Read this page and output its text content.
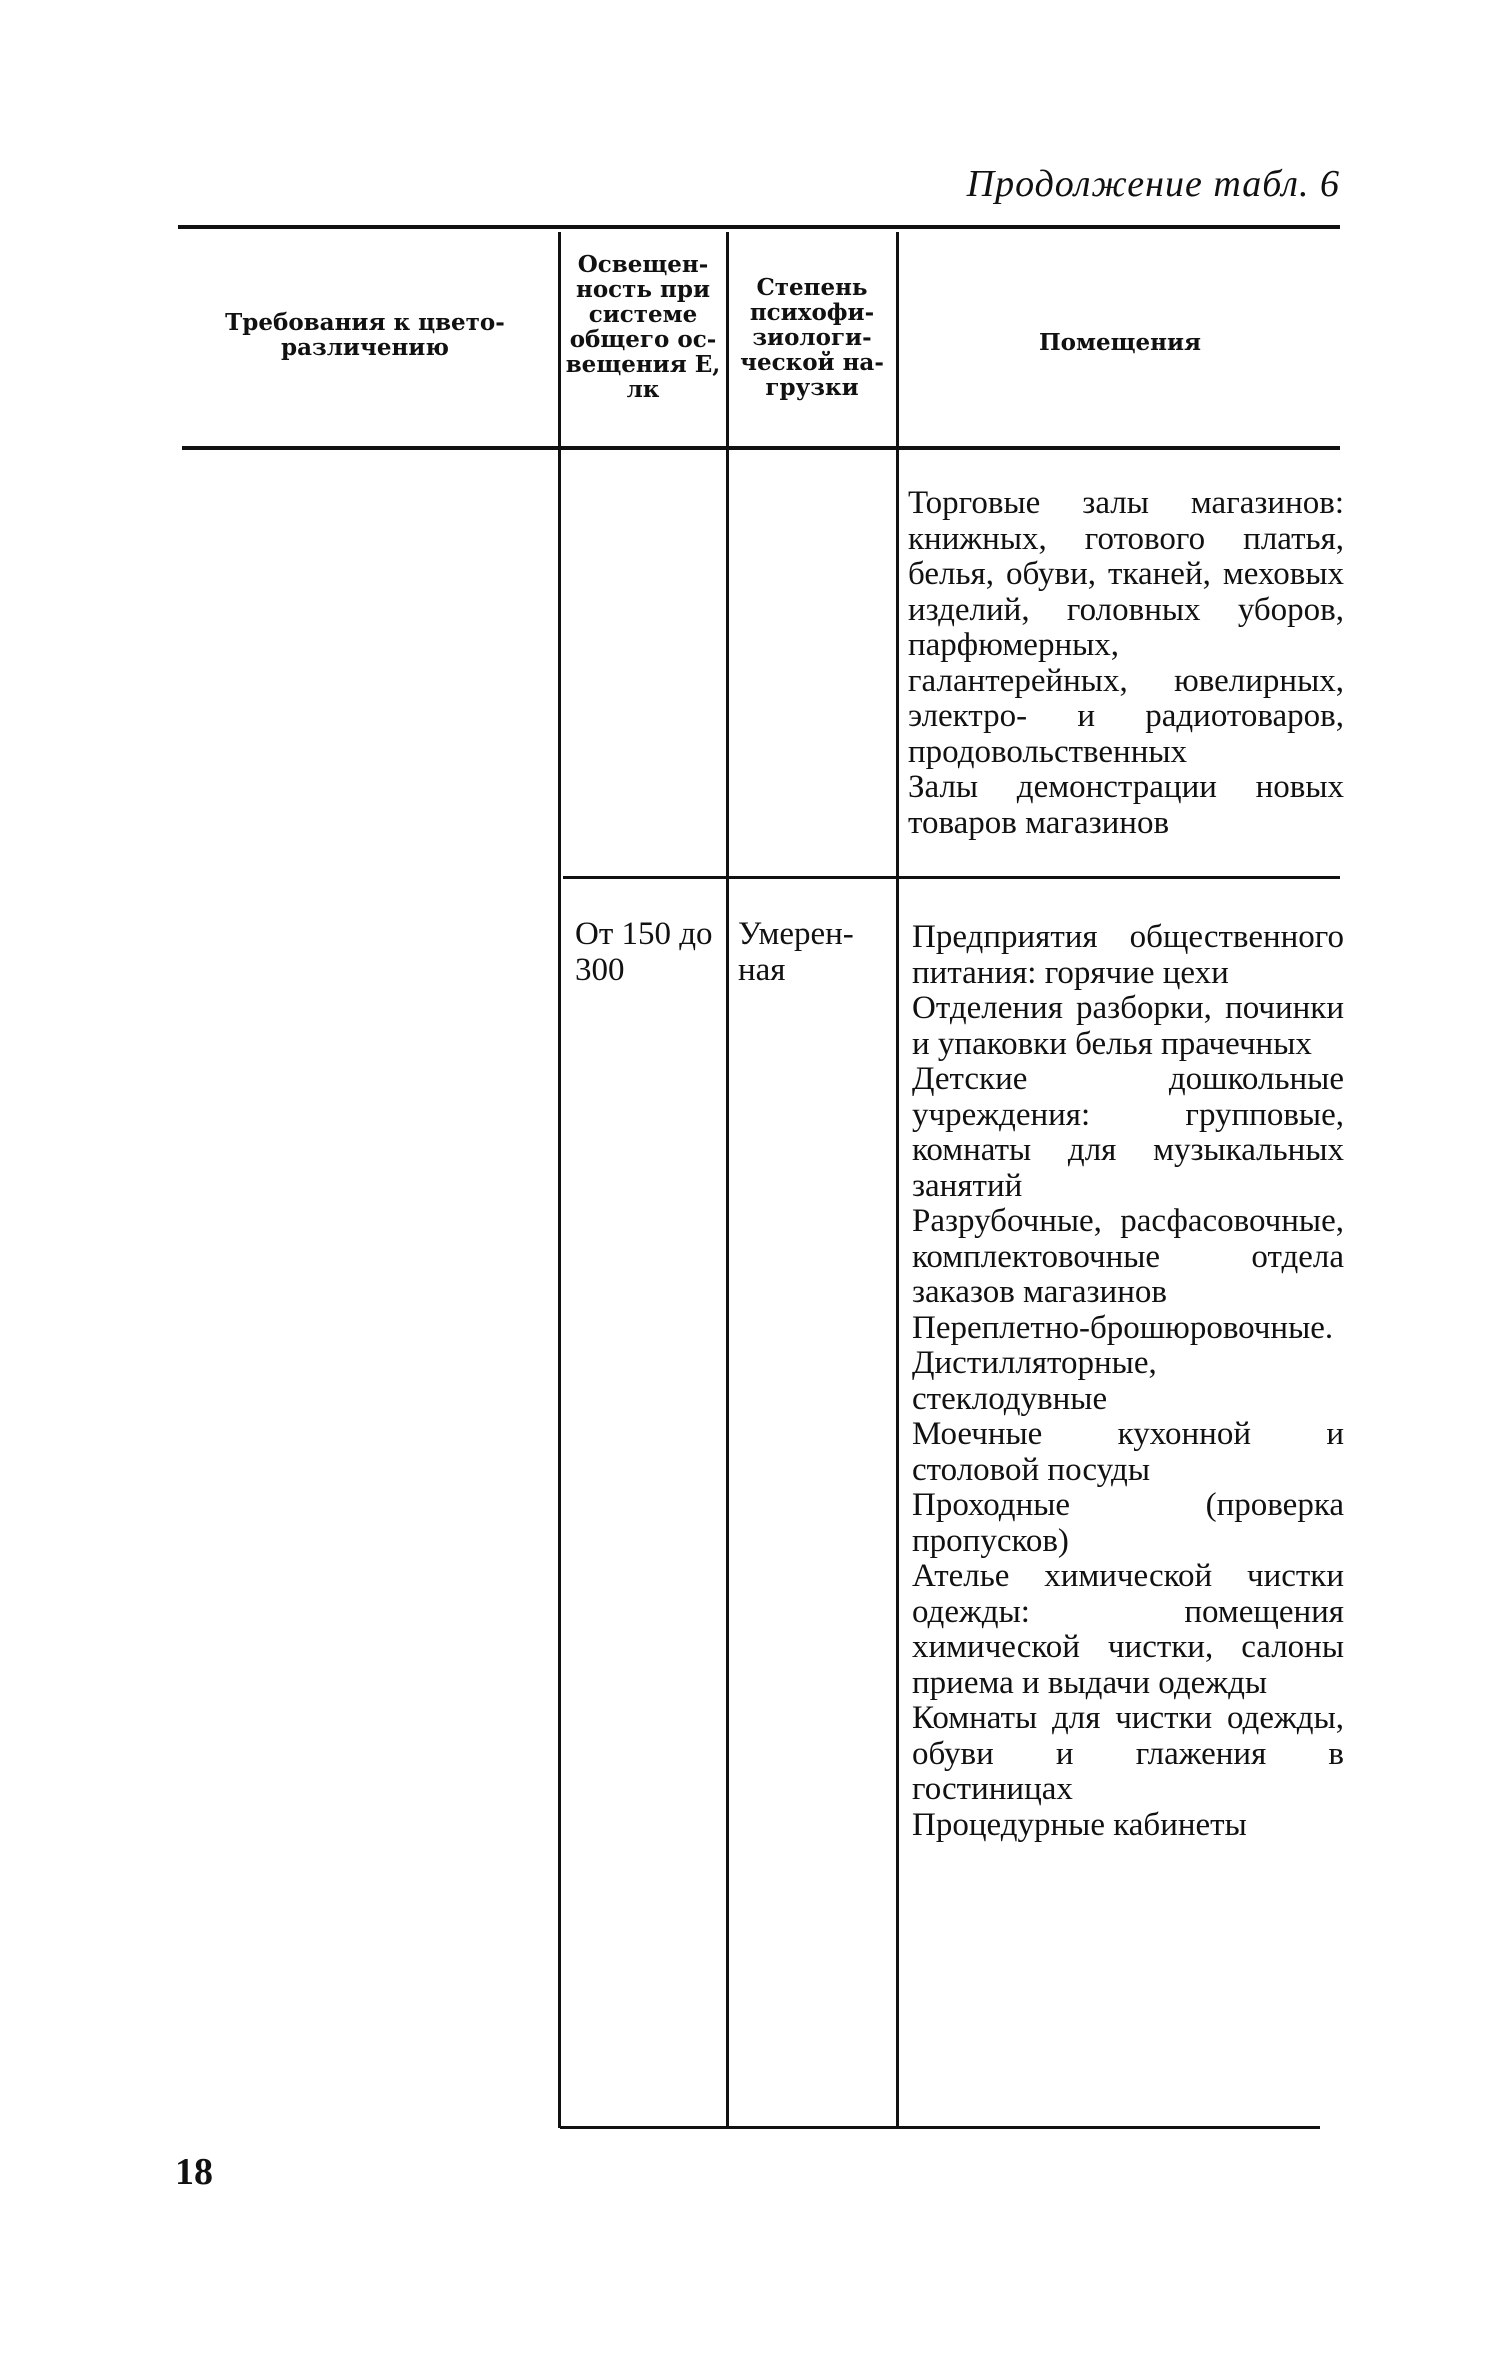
Продолжение табл. 6
Требования к цвето-различению
Освещен-ность при системе общего ос-вещения Е, лк
Степень психофи-зиологи-ческой на-грузки
Помещения

Торговые залы магазинов: книжных, готового платья, белья, обуви, тканей, меховых изделий, головных уборов, парфюмерных, галантерейных, ювелирных, электро- и радиотоваров, продовольственных

Залы демонстрации новых товаров магазинов

От 150 до 300
Умерен-ная

Предприятия общественного питания: горячие цехи

Отделения разборки, починки и упаковки белья прачечных

Детские дошкольные учреждения: групповые, комнаты для музыкальных занятий

Разрубочные, расфасовочные, комплектовочные отдела заказов магазинов

Переплетно-брошюровочные.

Дистилляторные, стеклодувные

Моечные кухонной и столовой посуды

Проходные (проверка пропусков)

Ателье химической чистки одежды: помещения химической чистки, салоны приема и выдачи одежды

Комнаты для чистки одежды, обуви и глажения в гостиницах

Процедурные кабинеты

18
